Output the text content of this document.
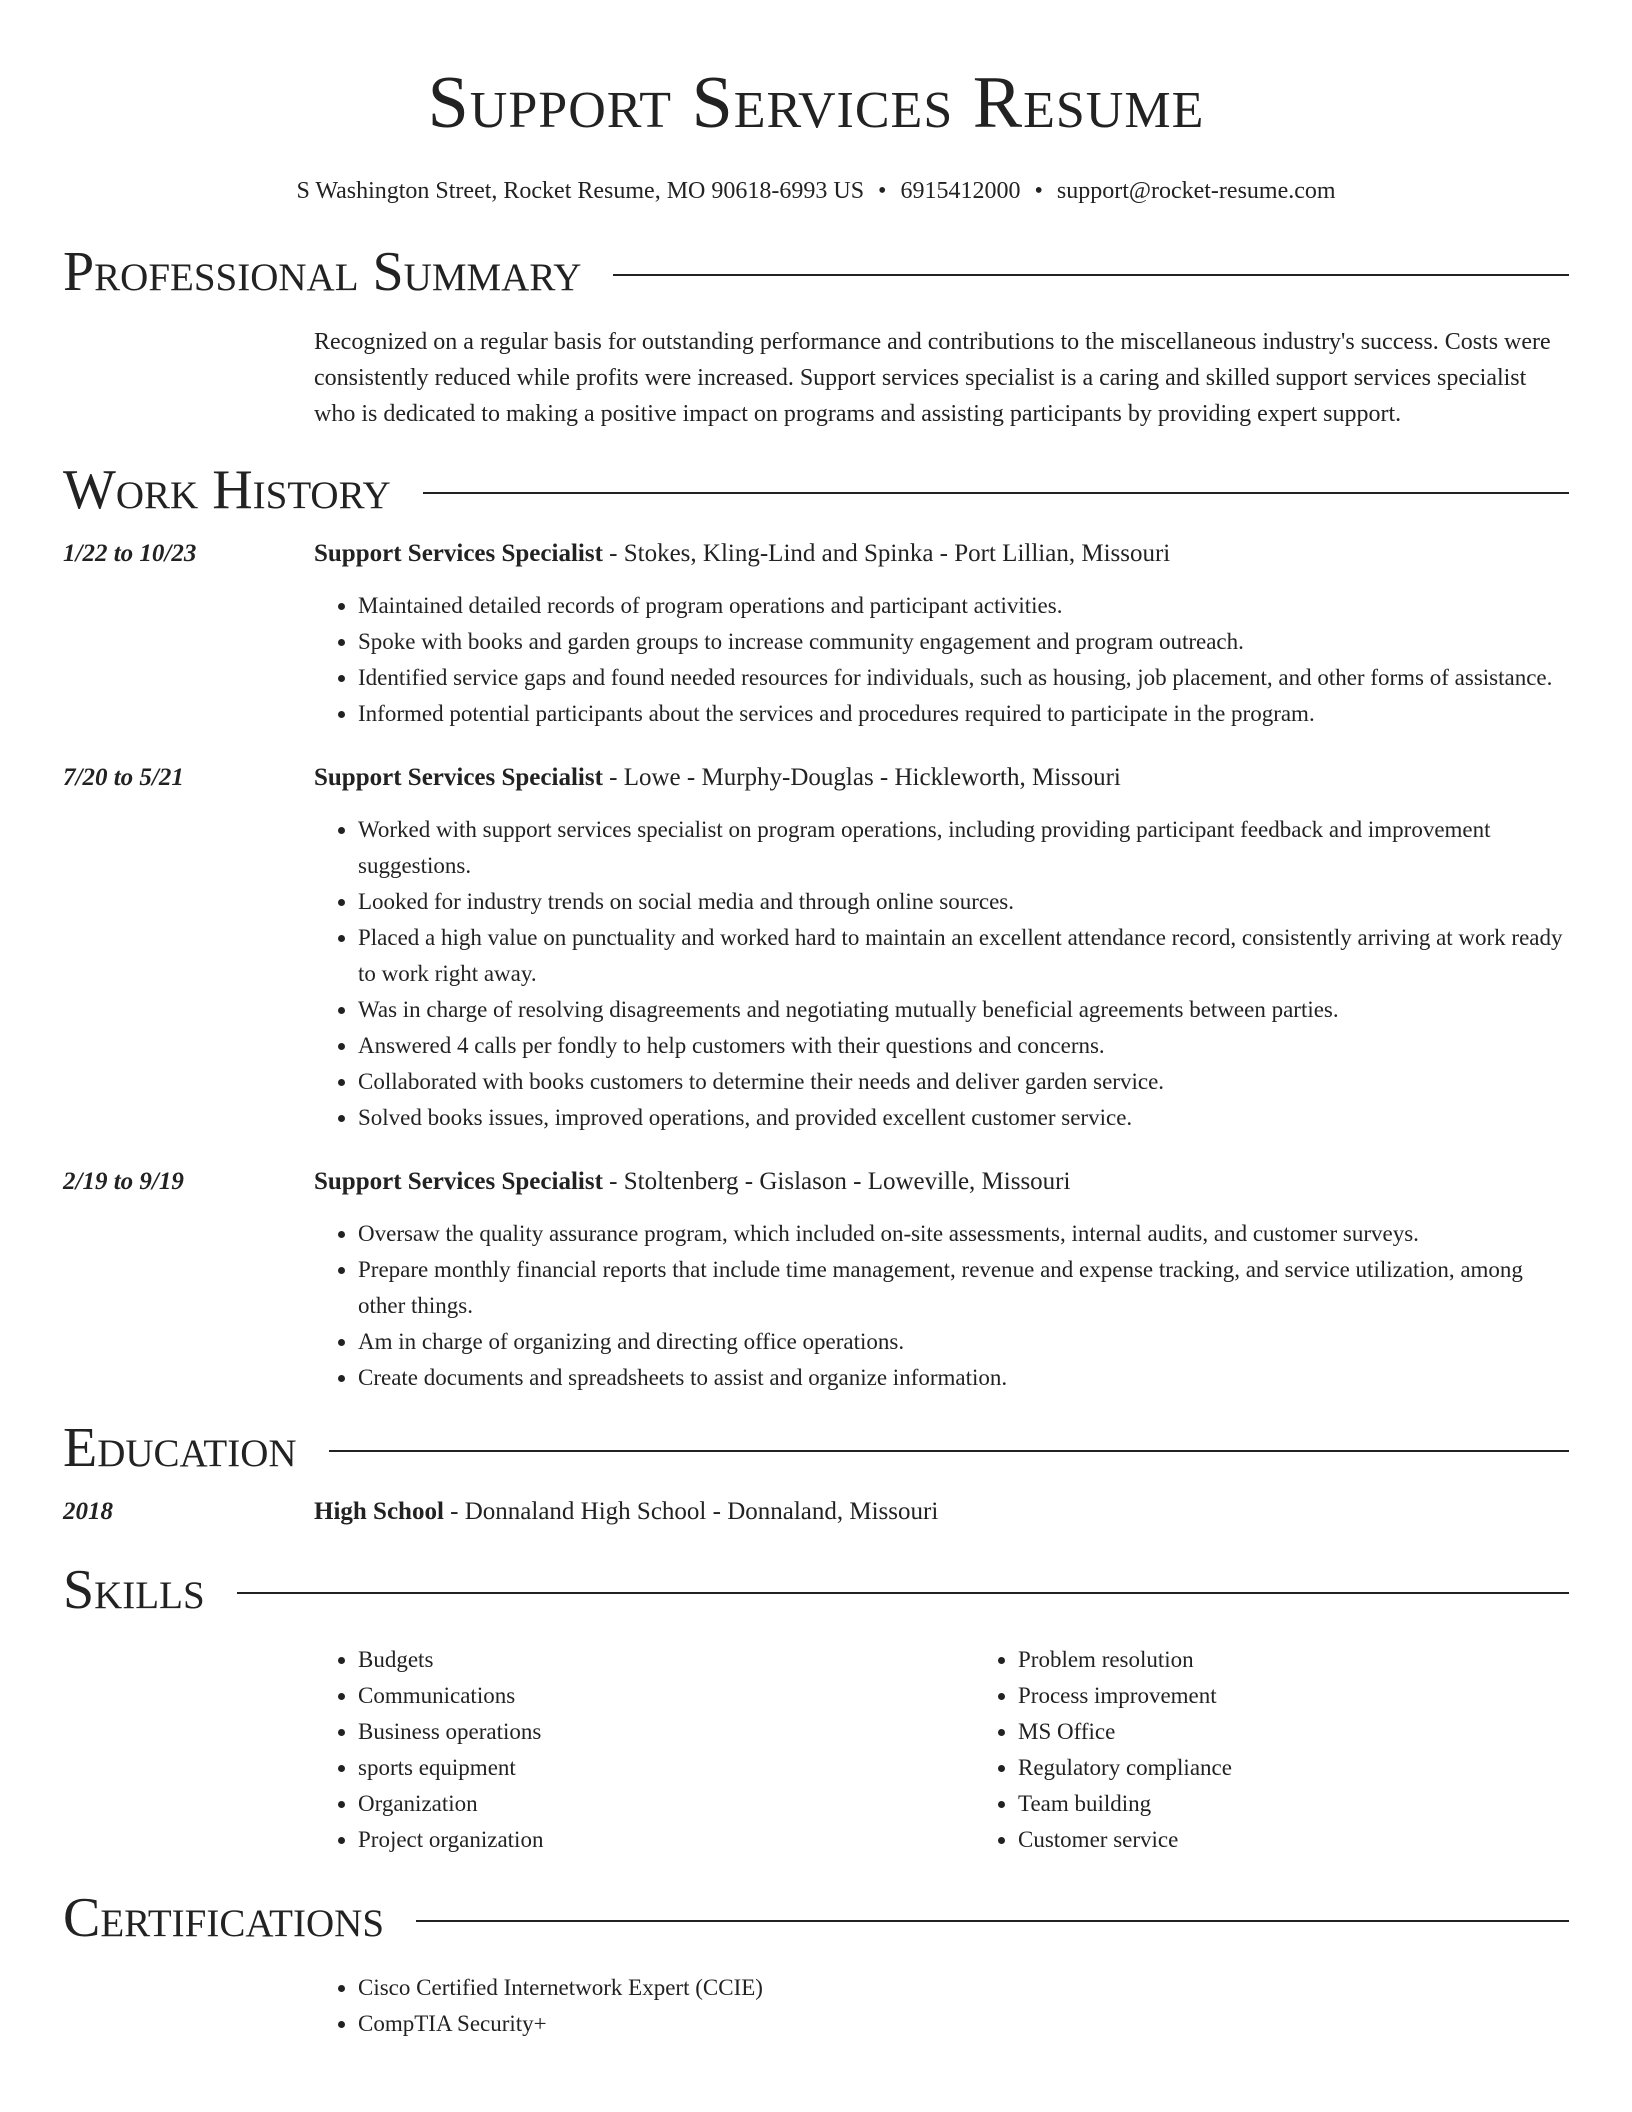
Support Services Resume
S Washington Street, Rocket Resume, MO 90618-6993 US • 6915412000 • support@rocket-resume.com
Professional Summary
Recognized on a regular basis for outstanding performance and contributions to the miscellaneous industry's success. Costs were consistently reduced while profits were increased. Support services specialist is a caring and skilled support services specialist who is dedicated to making a positive impact on programs and assisting participants by providing expert support.
Work History
1/22 to 10/23	Support Services Specialist - Stokes, Kling-Lind and Spinka - Port Lillian, Missouri
• Maintained detailed records of program operations and participant activities.
• Spoke with books and garden groups to increase community engagement and program outreach.
• Identified service gaps and found needed resources for individuals, such as housing, job placement, and other forms of assistance.
• Informed potential participants about the services and procedures required to participate in the program.
7/20 to 5/21	Support Services Specialist - Lowe - Murphy-Douglas - Hickleworth, Missouri
• Worked with support services specialist on program operations, including providing participant feedback and improvement suggestions.
• Looked for industry trends on social media and through online sources.
• Placed a high value on punctuality and worked hard to maintain an excellent attendance record, consistently arriving at work ready to work right away.
• Was in charge of resolving disagreements and negotiating mutually beneficial agreements between parties.
• Answered 4 calls per fondly to help customers with their questions and concerns.
• Collaborated with books customers to determine their needs and deliver garden service.
• Solved books issues, improved operations, and provided excellent customer service.
2/19 to 9/19	Support Services Specialist - Stoltenberg - Gislason - Loweville, Missouri
• Oversaw the quality assurance program, which included on-site assessments, internal audits, and customer surveys.
• Prepare monthly financial reports that include time management, revenue and expense tracking, and service utilization, among other things.
• Am in charge of organizing and directing office operations.
• Create documents and spreadsheets to assist and organize information.
Education
2018	High School - Donnaland High School - Donnaland, Missouri
Skills
• Budgets
• Communications
• Business operations
• sports equipment
• Organization
• Project organization
• Problem resolution
• Process improvement
• MS Office
• Regulatory compliance
• Team building
• Customer service
Certifications
• Cisco Certified Internetwork Expert (CCIE)
• CompTIA Security+
